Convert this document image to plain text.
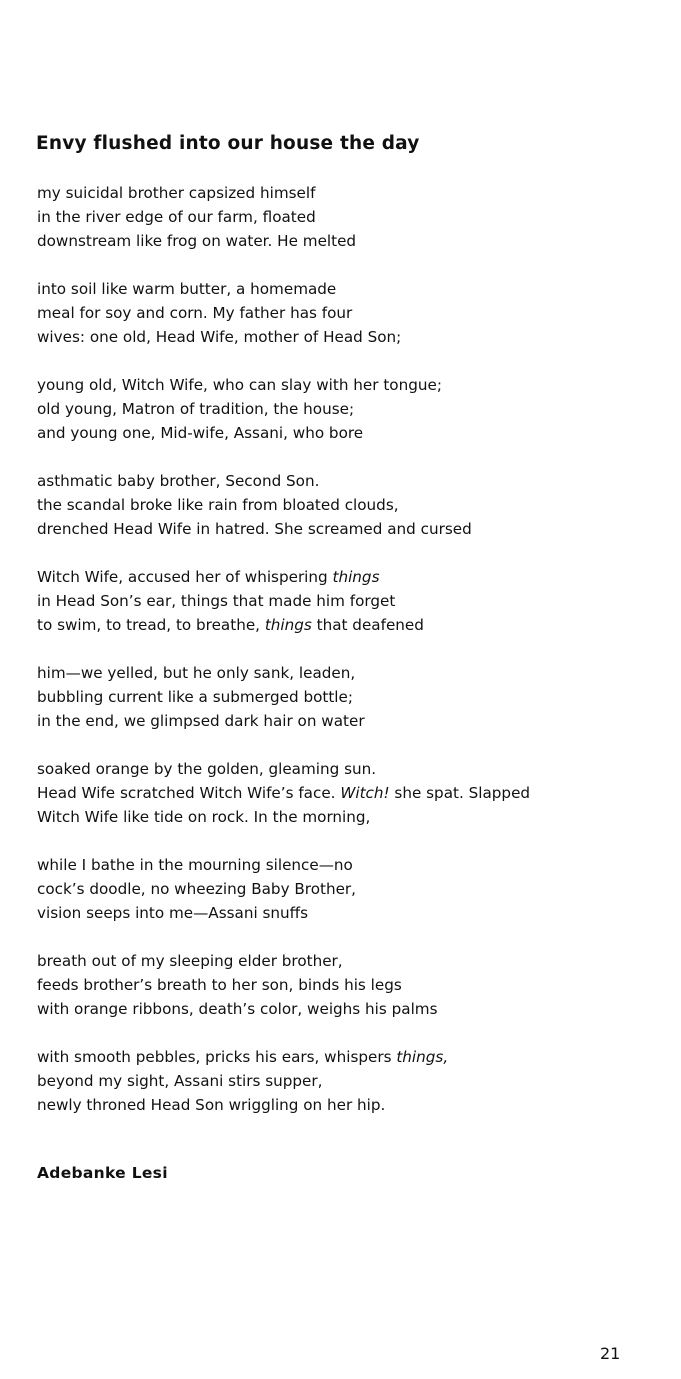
Envy flushed into our house the day
my suicidal brother capsized himself
in the river edge of our farm, floated
downstream like frog on water. He melted
into soil like warm butter, a homemade
meal for soy and corn. My father has four
wives: one old, Head Wife, mother of Head Son;
young old, Witch Wife, who can slay with her tongue;
old young, Matron of tradition, the house;
and young one, Mid-wife, Assani, who bore
asthmatic baby brother, Second Son.
the scandal broke like rain from bloated clouds,
drenched Head Wife in hatred. She screamed and cursed
Witch Wife, accused her of whispering things
in Head Son’s ear, things that made him forget
to swim, to tread, to breathe, things that deafened
him—we yelled, but he only sank, leaden,
bubbling current like a submerged bottle;
in the end, we glimpsed dark hair on water
soaked orange by the golden, gleaming sun.
Head Wife scratched Witch Wife’s face. Witch! she spat. Slapped
Witch Wife like tide on rock. In the morning,
while I bathe in the mourning silence—no
cock’s doodle, no wheezing Baby Brother,
vision seeps into me—Assani snuffs
breath out of my sleeping elder brother,
feeds brother’s breath to her son, binds his legs
with orange ribbons, death’s color, weighs his palms
with smooth pebbles, pricks his ears, whispers things,
beyond my sight, Assani stirs supper,
newly throned Head Son wriggling on her hip.

Adebanke Lesi

21
